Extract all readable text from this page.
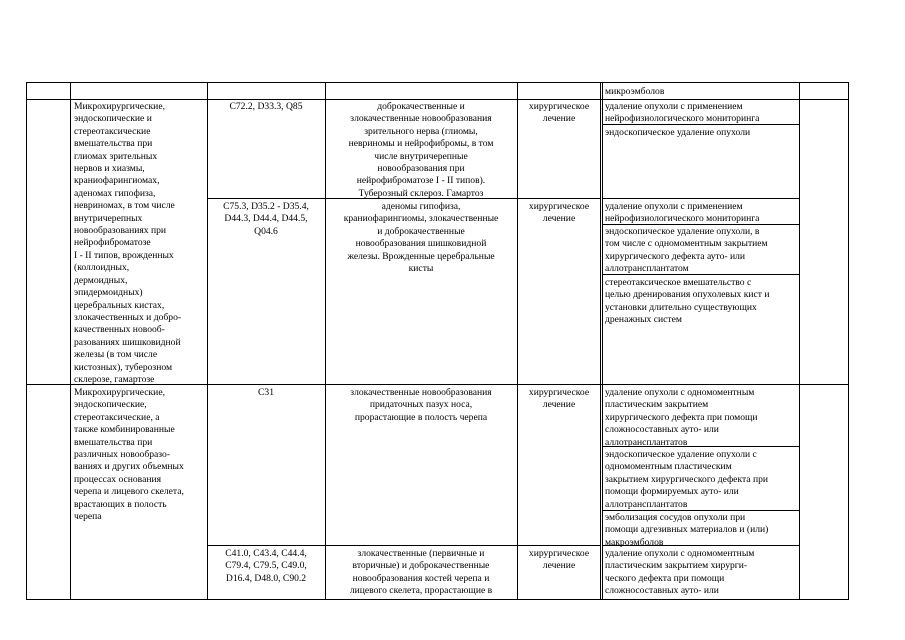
микроэмболов
Микрохирургические,
эндоскопические и
стереотаксические
вмешательства при
глиомах зрительных
нервов и хиазмы,
краниофарингиомах,
аденомах гипофиза,
невриномах, в том числе
внутричерепных
новообразованиях при
нейрофиброматозе
I - II типов, врожденных
(коллоидных,
дермоидных,
эпидермоидных)
церебральных кистах,
злокачественных и добро-
качественных новооб-
разованиях шишковидной
железы (в том числе
кистозных), туберозном
склерозе, гамартозе
C72.2, D33.3, Q85	доброкачественные и
злокачественные новообразования
зрительного нерва (глиомы,
невриномы и нейрофибромы, в том
числе внутричерепные
новообразования при
нейрофиброматозе I - II типов).
Туберозный склероз. Гамартоз
хирургическое
лечение
удаление опухоли с применением
нейрофизиологического мониторинга
эндоскопическое удаление опухоли
C75.3, D35.2 - D35.4,
D44.3, D44.4, D44.5,
Q04.6
аденомы гипофиза,
краниофарингиомы, злокачественные
и доброкачественные
новообразования шишковидной
железы. Врожденные церебральные
кисты
хирургическое
лечение
удаление опухоли с применением
нейрофизиологического мониторинга
эндоскопическое удаление опухоли, в
том числе с одномоментным закрытием
хирургического дефекта ауто- или
аллотрансплантатом
стереотаксическое вмешательство с
целью дренирования опухолевых кист и
установки длительно существующих
дренажных систем
Микрохирургические,
эндоскопические,
стереотаксические, а
также комбинированные
вмешательства при
различных новообразо-
ваниях и других объемных
процессах основания
черепа и лицевого скелета,
врастающих в полость
черепа
C31	злокачественные новообразования
придаточных пазух носа,
прорастающие в полость черепа
хирургическое
лечение
удаление опухоли с одномоментным
пластическим закрытием
хирургического дефекта при помощи
сложносоставных ауто- или
аллотрансплантатов
эндоскопическое удаление опухоли с
одномоментным пластическим
закрытием хирургического дефекта при
помощи формируемых ауто- или
аллотрансплантатов
эмболизация сосудов опухоли при
помощи адгезивных материалов и (или)
макроэмболов
C41.0, C43.4, C44.4,
C79.4, C79.5, C49.0,
D16.4, D48.0, C90.2
злокачественные (первичные и
вторичные) и доброкачественные
новообразования костей черепа и
лицевого скелета, прорастающие в
хирургическое
лечение
удаление опухоли с одномоментным
пластическим закрытием хирурги-
ческого дефекта при помощи
сложносоставных ауто- или
